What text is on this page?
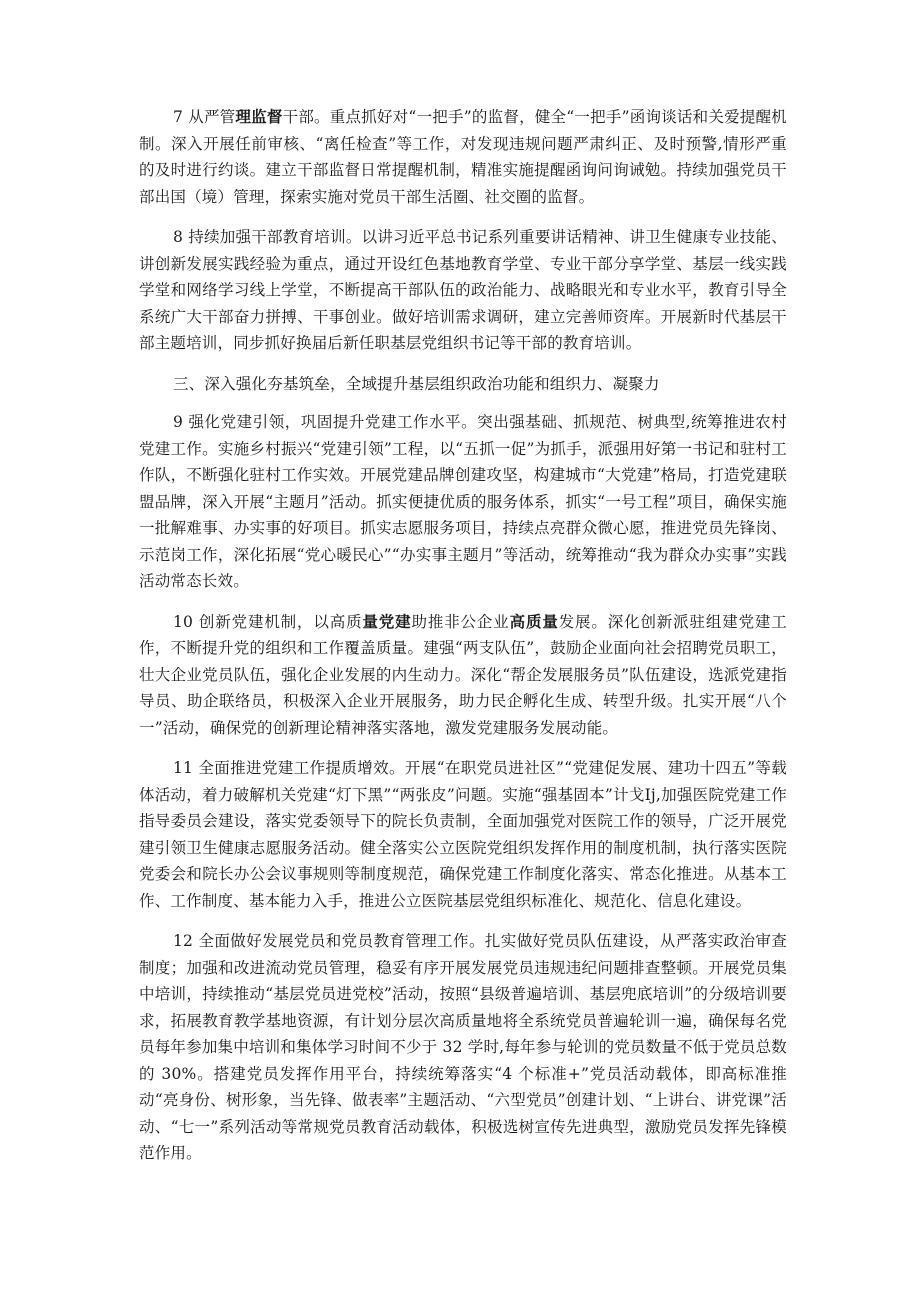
7 从严管理监督干部。重点抓好对“一把手”的监督，健全“一把手”函询谈话和关爱提醒机制。深入开展任前审核、“离任检查”等工作，对发现违规问题严肃纠正、及时预警,情形严重的及时进行约谈。建立干部监督日常提醒机制，精准实施提醒函询问询诫勉。持续加强党员干部出国（境）管理，探索实施对党员干部生活圈、社交圈的监督。

8 持续加强干部教育培训。以讲习近平总书记系列重要讲话精神、讲卫生健康专业技能、讲创新发展实践经验为重点，通过开设红色基地教育学堂、专业干部分享学堂、基层一线实践学堂和网络学习线上学堂，不断提高干部队伍的政治能力、战略眼光和专业水平，教育引导全系统广大干部奋力拼搏、干事创业。做好培训需求调研，建立完善师资库。开展新时代基层干部主题培训，同步抓好换届后新任职基层党组织书记等干部的教育培训。

三、深入强化夯基筑垒，全域提升基层组织政治功能和组织力、凝聚力

9 强化党建引领，巩固提升党建工作水平。突出强基础、抓规范、树典型,统筹推进农村党建工作。实施乡村振兴“党建引领”工程，以“五抓一促”为抓手，派强用好第一书记和驻村工作队，不断强化驻村工作实效。开展党建品牌创建攻坚，构建城市“大党建”格局，打造党建联盟品牌，深入开展“主题月”活动。抓实便捷优质的服务体系，抓实“一号工程”项目，确保实施一批解难事、办实事的好项目。抓实志愿服务项目，持续点亮群众微心愿，推进党员先锋岗、示范岗工作，深化拓展“党心暖民心”“办实事主题月”等活动，统筹推动“我为群众办实事”实践活动常态长效。

10 创新党建机制，以高质量党建助推非公企业高质量发展。深化创新派驻组建党建工作，不断提升党的组织和工作覆盖质量。建强“两支队伍”，鼓励企业面向社会招聘党员职工，壮大企业党员队伍，强化企业发展的内生动力。深化“帮企发展服务员”队伍建设，选派党建指导员、助企联络员，积极深入企业开展服务，助力民企孵化生成、转型升级。扎实开展“八个一”活动，确保党的创新理论精神落实落地，激发党建服务发展动能。

11 全面推进党建工作提质增效。开展“在职党员进社区”“党建促发展、建功十四五”等载体活动，着力破解机关党建“灯下黑”“两张皮”问题。实施“强基固本”计戈Ij,加强医院党建工作指导委员会建设，落实党委领导下的院长负责制，全面加强党对医院工作的领导，广泛开展党建引领卫生健康志愿服务活动。健全落实公立医院党组织发挥作用的制度机制，执行落实医院党委会和院长办公会议事规则等制度规范，确保党建工作制度化落实、常态化推进。从基本工作、工作制度、基本能力入手，推进公立医院基层党组织标准化、规范化、信息化建设。

12 全面做好发展党员和党员教育管理工作。扎实做好党员队伍建设，从严落实政治审查制度；加强和改进流动党员管理，稳妥有序开展发展党员违规违纪问题排查整顿。开展党员集中培训，持续推动“基层党员进党校”活动，按照“县级普遍培训、基层兜底培训”的分级培训要求，拓展教育教学基地资源，有计划分层次高质量地将全系统党员普遍轮训一遍，确保每名党员每年参加集中培训和集体学习时间不少于 32 学时,每年参与轮训的党员数量不低于党员总数的 30%。搭建党员发挥作用平台，持续统筹落实“4 个标准+”党员活动载体，即高标准推动“亮身份、树形象，当先锋、做表率”主题活动、“六型党员”创建计划、“上讲台、讲党课”活动、“七一”系列活动等常规党员教育活动载体，积极选树宣传先进典型，激励党员发挥先锋模范作用。
